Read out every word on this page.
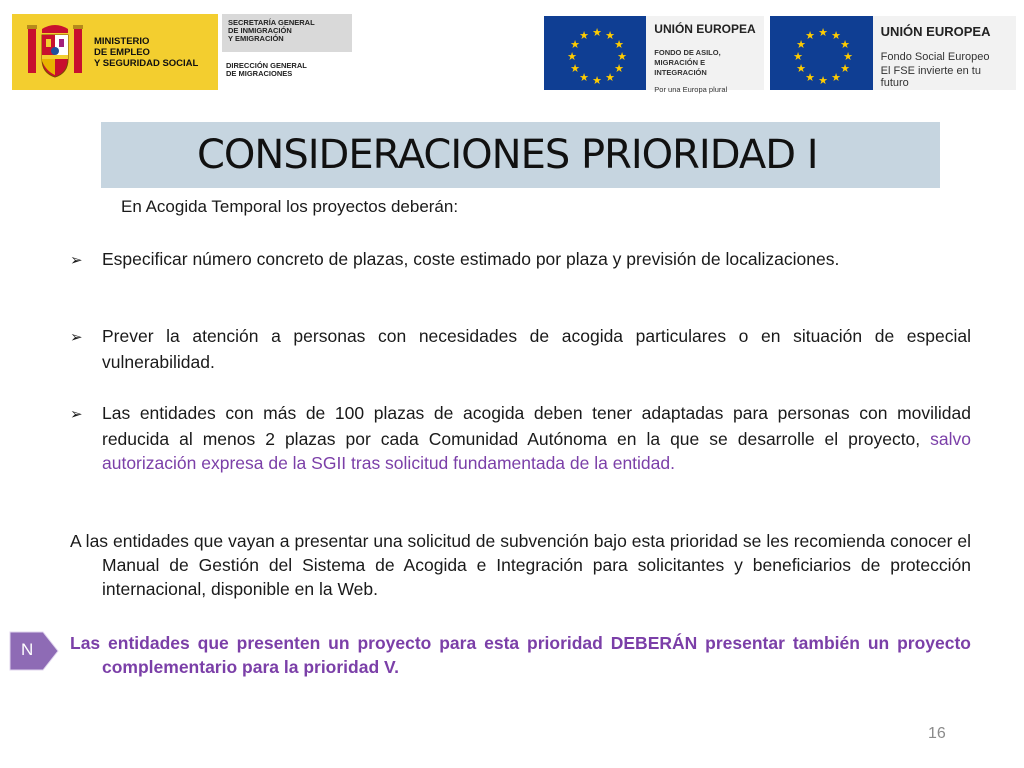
MINISTERIO
DE EMPLEO
Y SEGURIDAD SOCIAL
SECRETARÍA GENERAL
DE INMIGRACIÓN
Y EMIGRACIÓN
DIRECCIÓN GENERAL
DE MIGRACIONES
★ ★
★
★
★
★
★
★
★
★
★
★	UNIÓN EUROPEA
FONDO DE ASILO,
MIGRACIÓN E INTEGRACIÓN
Por una Europa plural
★ ★
★
★
★
★
★
★
★
★
★
★	UNIÓN EUROPEA
Fondo Social Europeo
El FSE invierte en tu futuro
CONSIDERACIONES PRIORIDAD I
En Acogida Temporal los proyectos deberán:
➢ Especificar número concreto de plazas, coste estimado por plaza y previsión de localizaciones.
➢ Prever la atención a personas con necesidades de acogida particulares o en situación de especial vulnerabilidad.
➢ Las entidades con más de 100 plazas de acogida deben tener adaptadas para personas con movilidad reducida al menos 2 plazas por cada Comunidad Autónoma en la que se desarrolle el proyecto, salvo autorización expresa de la SGII tras solicitud fundamentada de la entidad.
A las entidades que vayan a presentar una solicitud de subvención bajo esta prioridad se les recomienda conocer el Manual de Gestión del Sistema de Acogida e Integración para solicitantes y beneficiarios de protección internacional, disponible en la Web.
N Las entidades que presenten un proyecto para esta prioridad DEBERÁN presentar también un proyecto complementario para la prioridad V.
16
